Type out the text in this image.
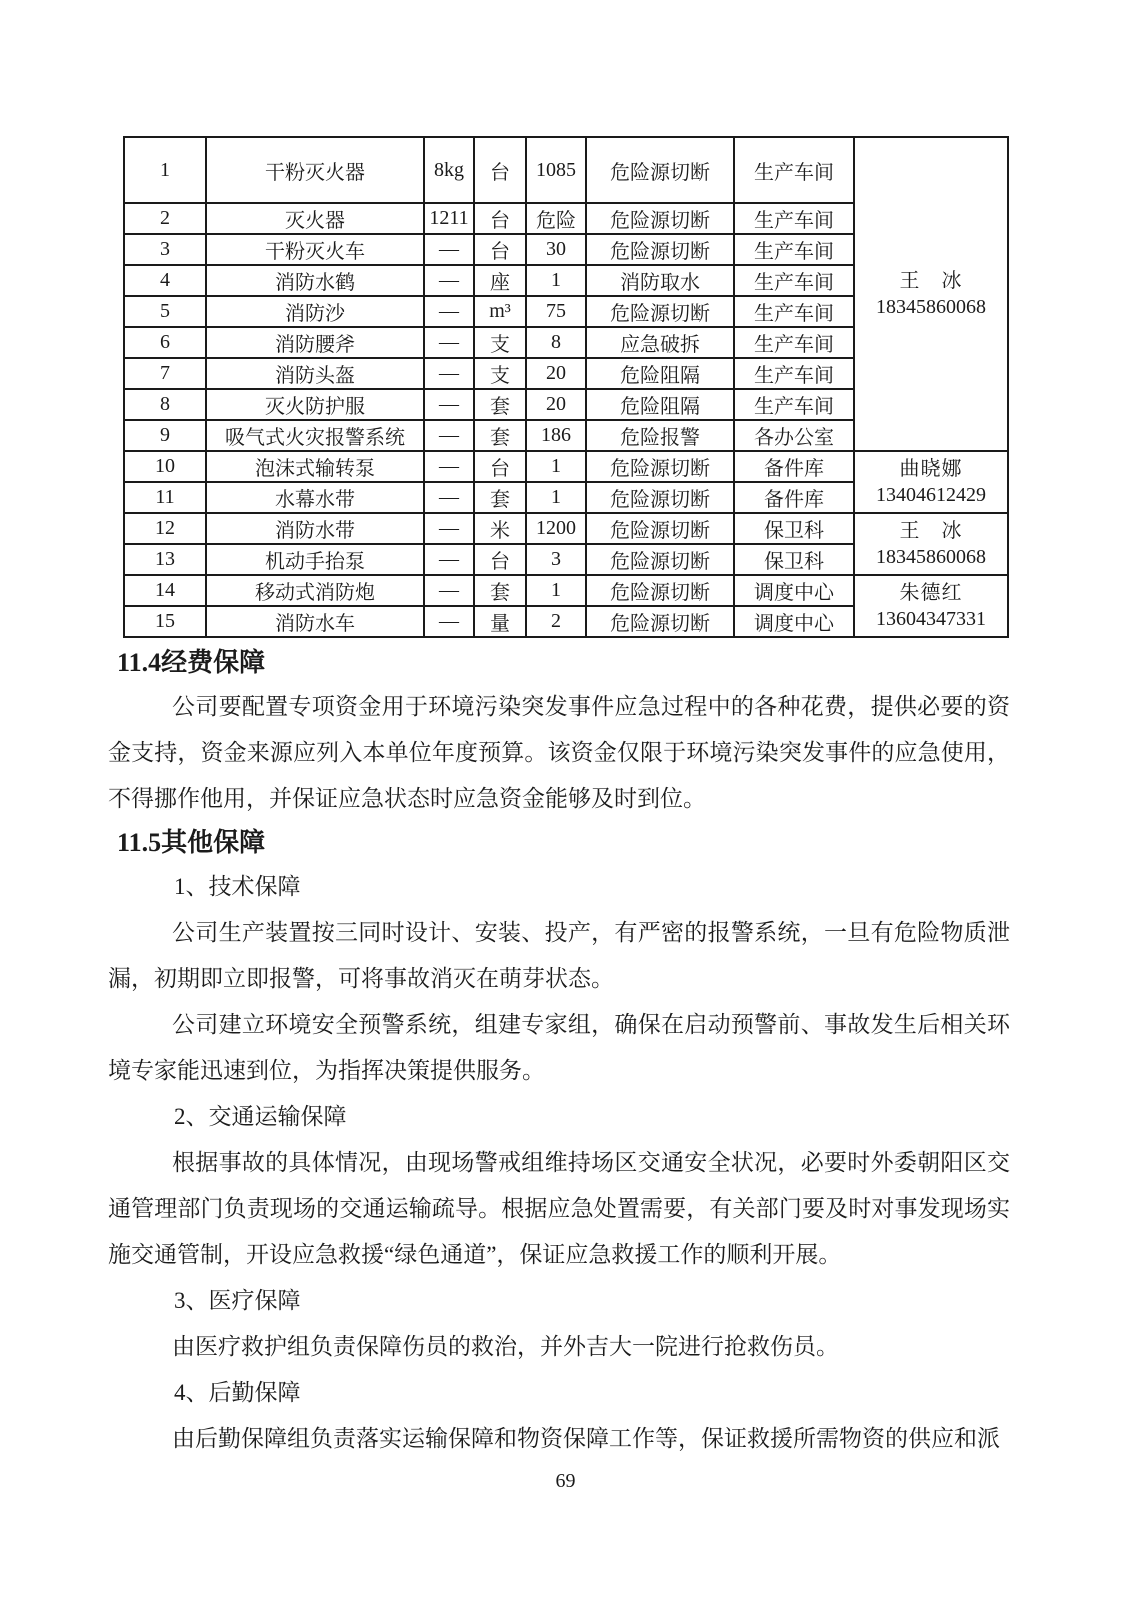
1	干粉灭火器	8kg	台	1085	危险源切断	生产车间	王　冰
18345860068

2	灭火器	1211	台	危险	危险源切断	生产车间	
3	干粉灭火车	—	台	30	危险源切断	生产车间	
4	消防水鹤	—	座	1	消防取水	生产车间	
5	消防沙	—	m³	75	危险源切断	生产车间	
6	消防腰斧	—	支	8	应急破拆	生产车间	
7	消防头盔	—	支	20	危险阻隔	生产车间	
8	灭火防护服	—	套	20	危险阻隔	生产车间	
9	吸气式火灾报警系统	—	套	186	危险报警	各办公室	
10	泡沫式输转泵	—	台	1	危险源切断	备件库	曲晓娜
13404612429

11	水幕水带	—	套	1	危险源切断	备件库	
12	消防水带	—	米	1200	危险源切断	保卫科	王　冰
18345860068

13	机动手抬泵	—	台	3	危险源切断	保卫科	
14	移动式消防炮	—	套	1	危险源切断	调度中心	朱德红
13604347331

15	消防水车	—	量	2	危险源切断	调度中心	
11.4经费保障
公司要配置专项资金用于环境污染突发事件应急过程中的各种花费，提供必要的资金支持，资金来源应列入本单位年度预算。该资金仅限于环境污染突发事件的应急使用，不得挪作他用，并保证应急状态时应急资金能够及时到位。
11.5其他保障
1、技术保障
公司生产装置按三同时设计、安装、投产，有严密的报警系统，一旦有危险物质泄漏，初期即立即报警，可将事故消灭在萌芽状态。
公司建立环境安全预警系统，组建专家组，确保在启动预警前、事故发生后相关环境专家能迅速到位，为指挥决策提供服务。
2、交通运输保障
根据事故的具体情况，由现场警戒组维持场区交通安全状况，必要时外委朝阳区交通管理部门负责现场的交通运输疏导。根据应急处置需要，有关部门要及时对事发现场实施交通管制，开设应急救援“绿色通道”，保证应急救援工作的顺利开展。
3、医疗保障
由医疗救护组负责保障伤员的救治，并外吉大一院进行抢救伤员。
4、后勤保障
由后勤保障组负责落实运输保障和物资保障工作等，保证救援所需物资的供应和派
69
